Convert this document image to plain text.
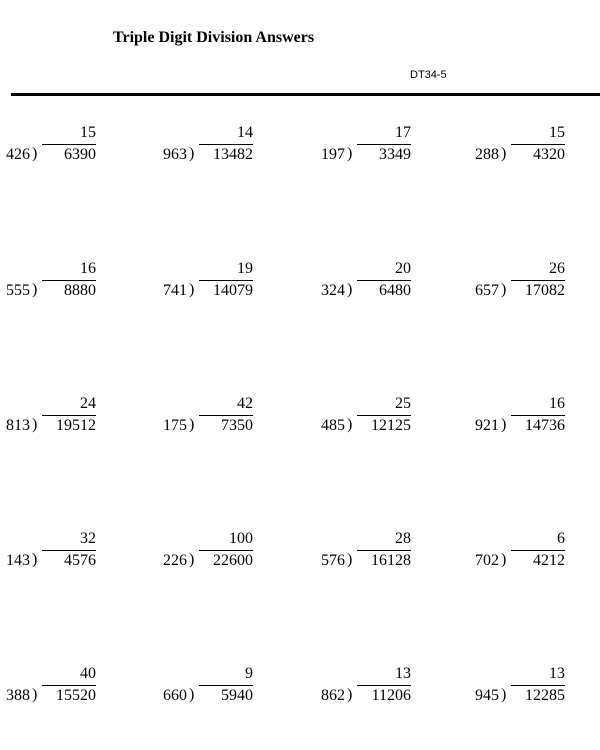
Triple Digit Division Answers
DT34-5
15
426 ) 6390
14
963 ) 13482
17
197 ) 3349
15
288 ) 4320
16
555 ) 8880
19
741 ) 14079
20
324 ) 6480
26
657 ) 17082
24
813 ) 19512
42
175 ) 7350
25
485 ) 12125
16
921 ) 14736
32
143 ) 4576
100
226 ) 22600
28
576 ) 16128
6
702 ) 4212
40
388 ) 15520
9
660 ) 5940
13
862 ) 11206
13
945 ) 12285
